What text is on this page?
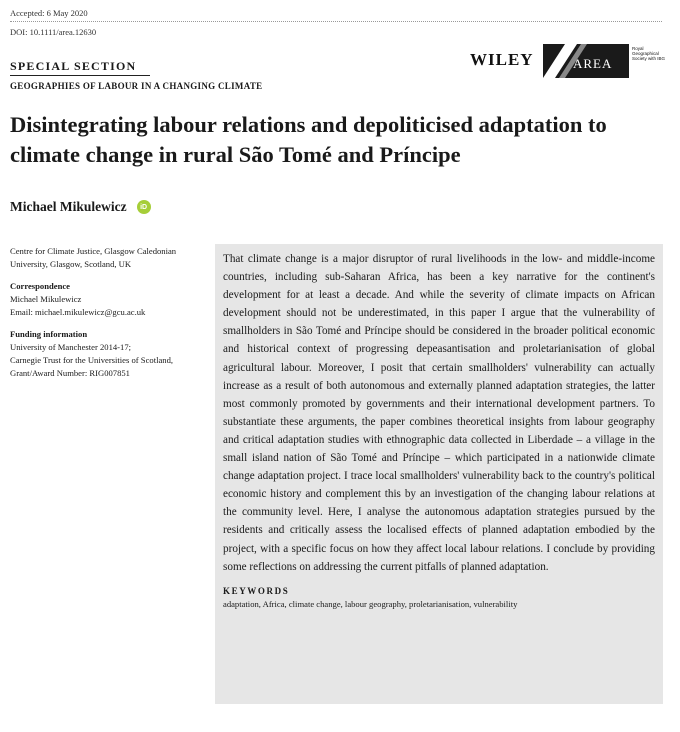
Accepted: 6 May 2020
DOI: 10.1111/area.12630
WILEY	AREA
Royal Geographical Society with IBG
SPECIAL SECTION
GEOGRAPHIES OF LABOUR IN A CHANGING CLIMATE
Disintegrating labour relations and depoliticised adaptation to climate change in rural São Tomé and Príncipe
Michael Mikulewicz	iD
Centre for Climate Justice, Glasgow Caledonian University, Glasgow, Scotland, UK
Correspondence
Michael Mikulewicz
Email: michael.mikulewicz@gcu.ac.uk
Funding information
University of Manchester 2014-17;
Carnegie Trust for the Universities of Scotland, Grant/Award Number: RIG007851

That climate change is a major disruptor of rural livelihoods in the low- and middle-income countries, including sub-Saharan Africa, has been a key narrative for the continent's development for at least a decade. And while the severity of climate impacts on African development should not be underestimated, in this paper I argue that the vulnerability of smallholders in São Tomé and Príncipe should be considered in the broader political economic and historical context of progressing depeasantisation and proletarianisation of global agricultural labour. Moreover, I posit that certain smallholders' vulnerability can actually increase as a result of both autonomous and externally planned adaptation strategies, the latter most commonly promoted by governments and their international development partners. To substantiate these arguments, the paper combines theoretical insights from labour geography and critical adaptation studies with ethnographic data collected in Liberdade – a village in the small island nation of São Tomé and Príncipe – which participated in a nationwide climate change adaptation project. I trace local smallholders' vulnerability back to the country's political economic history and complement this by an investigation of the changing labour relations at the community level. Here, I analyse the autonomous adaptation strategies pursued by the residents and critically assess the localised effects of planned adaptation embodied by the project, with a specific focus on how they affect local labour relations. I conclude by providing some reflections on addressing the current pitfalls of planned adaptation.

KEYWORDS
adaptation, Africa, climate change, labour geography, proletarianisation, vulnerability
